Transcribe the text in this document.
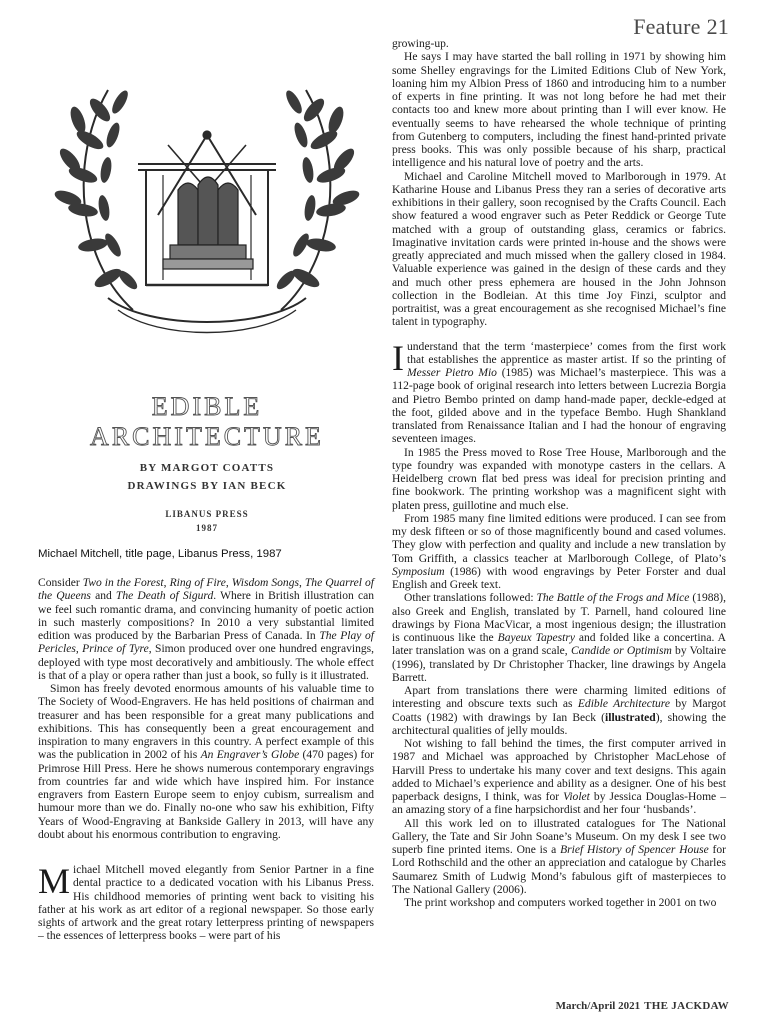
Feature 21
EDIBLE
ARCHITECTURE
BY MARGOT COATTS
DRAWINGS BY IAN BECK
LIBANUS PRESS
1987
Michael Mitchell, title page, Libanus Press, 1987

Consider Two in the Forest, Ring of Fire, Wisdom Songs, The Quarrel of the Queens and The Death of Sigurd. Where in British illustration can we feel such romantic drama, and convincing humanity of poetic action in such masterly compositions? In 2010 a very substantial limited edition was produced by the Barbarian Press of Canada. In The Play of Pericles, Prince of Tyre, Simon produced over one hundred engravings, deployed with type most decoratively and ambitiously. The whole effect is that of a play or opera rather than just a book, so fully is it illustrated.

Simon has freely devoted enormous amounts of his valuable time to The Society of Wood-Engravers. He has held positions of chairman and treasurer and has been responsible for a great many publications and exhibitions. This has consequently been a great encouragement and inspiration to many engravers in this country. A perfect example of this was the publication in 2002 of his An Engraver’s Globe (470 pages) for Primrose Hill Press. Here he shows numerous contemporary engravings from countries far and wide which have inspired him. For instance engravers from Eastern Europe seem to enjoy cubism, surrealism and humour more than we do. Finally no-one who saw his exhibition, Fifty Years of Wood-Engraving at Bankside Gallery in 2013, will have any doubt about his enormous contribution to engraving.

Michael Mitchell moved elegantly from Senior Partner in a fine dental practice to a dedicated vocation with his Libanus Press. His childhood memories of printing went back to visiting his father at his work as art editor of a regional newspaper. So those early sights of artwork and the great rotary letterpress printing of newspapers – the essences of letterpress books – were part of his

growing-up.

He says I may have started the ball rolling in 1971 by showing him some Shelley engravings for the Limited Editions Club of New York, loaning him my Albion Press of 1860 and introducing him to a number of experts in fine printing. It was not long before he had met their contacts too and knew more about printing than I will ever know. He eventually seems to have rehearsed the whole technique of printing from Gutenberg to computers, including the finest hand-printed private press books. This was only possible because of his sharp, practical intelligence and his natural love of poetry and the arts.

Michael and Caroline Mitchell moved to Marlborough in 1979. At Katharine House and Libanus Press they ran a series of decorative arts exhibitions in their gallery, soon recognised by the Crafts Council. Each show featured a wood engraver such as Peter Reddick or George Tute matched with a group of outstanding glass, ceramics or fabrics. Imaginative invitation cards were printed in-house and the shows were greatly appreciated and much missed when the gallery closed in 1984. Valuable experience was gained in the design of these cards and they and much other press ephemera are housed in the John Johnson collection in the Bodleian. At this time Joy Finzi, sculptor and portraitist, was a great encouragement as she recognised Michael’s fine talent in typography.

Iunderstand that the term ‘masterpiece’ comes from the first work that establishes the apprentice as master artist. If so the printing of Messer Pietro Mio (1985) was Michael’s masterpiece. This was a 112-page book of original research into letters between Lucrezia Borgia and Pietro Bembo printed on damp hand-made paper, deckle-edged at the foot, gilded above and in the typeface Bembo. Hugh Shankland translated from Renaissance Italian and I had the honour of engraving seventeen images.

In 1985 the Press moved to Rose Tree House, Marlborough and the type foundry was expanded with monotype casters in the cellars. A Heidelberg crown flat bed press was ideal for precision printing and fine bookwork. The printing workshop was a magnificent sight with platen press, guillotine and much else.

From 1985 many fine limited editions were produced. I can see from my desk fifteen or so of those magnificently bound and cased volumes. They glow with perfection and quality and include a new translation by Tom Griffith, a classics teacher at Marlborough College, of Plato’s Symposium (1986) with wood engravings by Peter Forster and dual English and Greek text.

Other translations followed: The Battle of the Frogs and Mice (1988), also Greek and English, translated by T. Parnell, hand coloured line drawings by Fiona MacVicar, a most ingenious design; the illustration is continuous like the Bayeux Tapestry and folded like a concertina. A later translation was on a grand scale, Candide or Optimism by Voltaire (1996), translated by Dr Christopher Thacker, line drawings by Angela Barrett.

Apart from translations there were charming limited editions of interesting and obscure texts such as Edible Architecture by Margot Coatts (1982) with drawings by Ian Beck (illustrated), showing the architectural qualities of jelly moulds.

Not wishing to fall behind the times, the first computer arrived in 1987 and Michael was approached by Christopher MacLehose of Harvill Press to undertake his many cover and text designs. This again added to Michael’s experience and ability as a designer. One of his best paperback designs, I think, was for Violet by Jessica Douglas-Home – an amazing story of a fine harpsichordist and her four ‘husbands’.

All this work led on to illustrated catalogues for The National Gallery, the Tate and Sir John Soane’s Museum. On my desk I see two superb fine printed items. One is a Brief History of Spencer House for Lord Rothschild and the other an appreciation and catalogue by Charles Saumarez Smith of Ludwig Mond’s fabulous gift of masterpieces to The National Gallery (2006).

The print workshop and computers worked together in 2001 on two

March/April 2021 THE JACKDAW
